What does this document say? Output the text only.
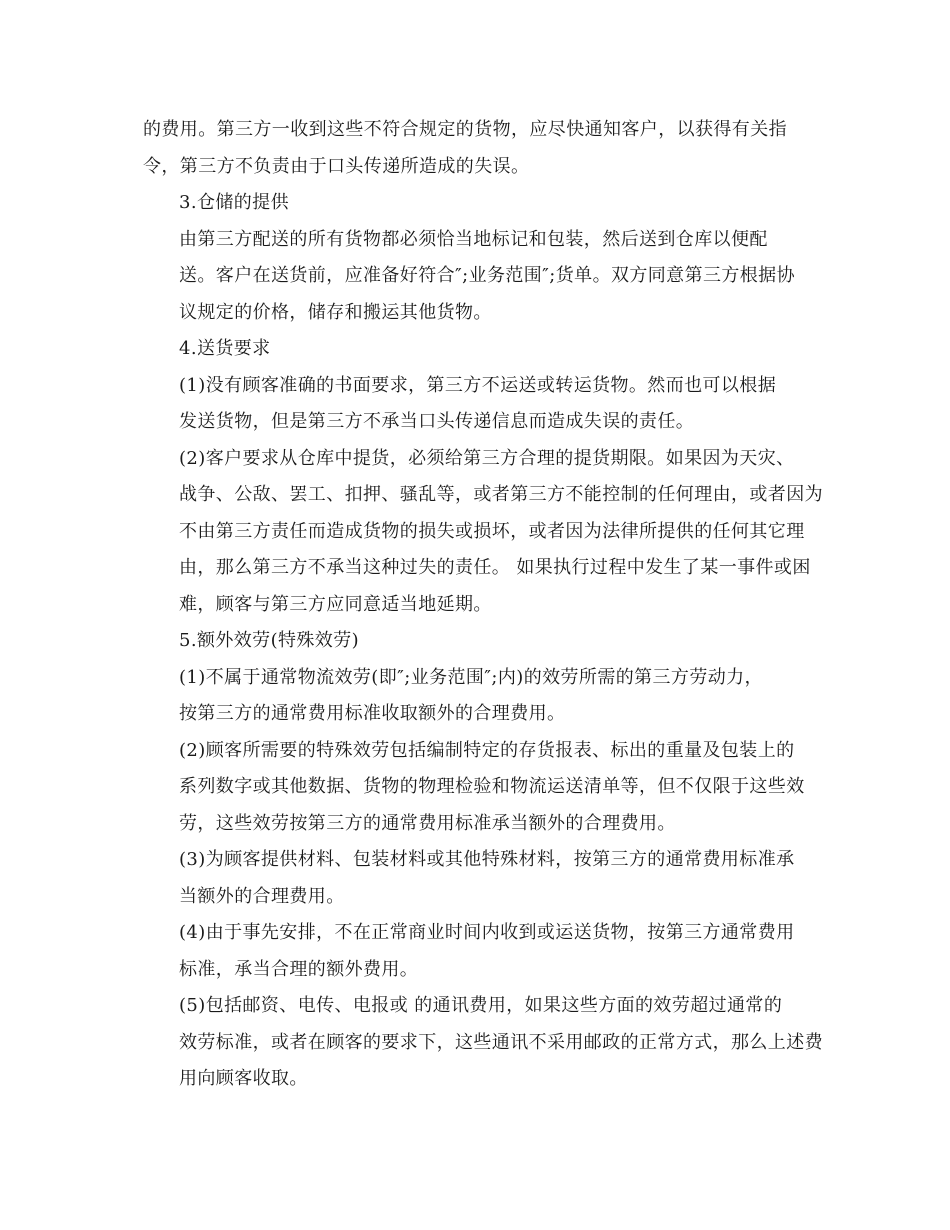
的费用。第三方一收到这些不符合规定的货物，应尽快通知客户，以获得有关指
令，第三方不负责由于口头传递所造成的失误。

3.仓储的提供

由第三方配送的所有货物都必须恰当地标记和包装，然后送到仓库以便配
送。客户在送货前，应准备好符合″;业务范围″;货单。双方同意第三方根据协
议规定的价格，储存和搬运其他货物。

4.送货要求

(1)没有顾客准确的书面要求，第三方不运送或转运货物。然而也可以根据
发送货物，但是第三方不承当口头传递信息而造成失误的责任。

(2)客户要求从仓库中提货，必须给第三方合理的提货期限。如果因为天灾、
战争、公敌、罢工、扣押、骚乱等，或者第三方不能控制的任何理由，或者因为
不由第三方责任而造成货物的损失或损坏，或者因为法律所提供的任何其它理
由，那么第三方不承当这种过失的责任。 如果执行过程中发生了某一事件或困
难，顾客与第三方应同意适当地延期。

5.额外效劳(特殊效劳)

(1)不属于通常物流效劳(即″;业务范围″;内)的效劳所需的第三方劳动力，
按第三方的通常费用标准收取额外的合理费用。

(2)顾客所需要的特殊效劳包括编制特定的存货报表、标出的重量及包装上的
系列数字或其他数据、货物的物理检验和物流运送清单等，但不仅限于这些效
劳，这些效劳按第三方的通常费用标准承当额外的合理费用。

(3)为顾客提供材料、包装材料或其他特殊材料，按第三方的通常费用标准承
当额外的合理费用。

(4)由于事先安排，不在正常商业时间内收到或运送货物，按第三方通常费用
标准，承当合理的额外费用。

(5)包括邮资、电传、电报或 的通讯费用，如果这些方面的效劳超过通常的
效劳标准，或者在顾客的要求下，这些通讯不采用邮政的正常方式，那么上述费
用向顾客收取。
